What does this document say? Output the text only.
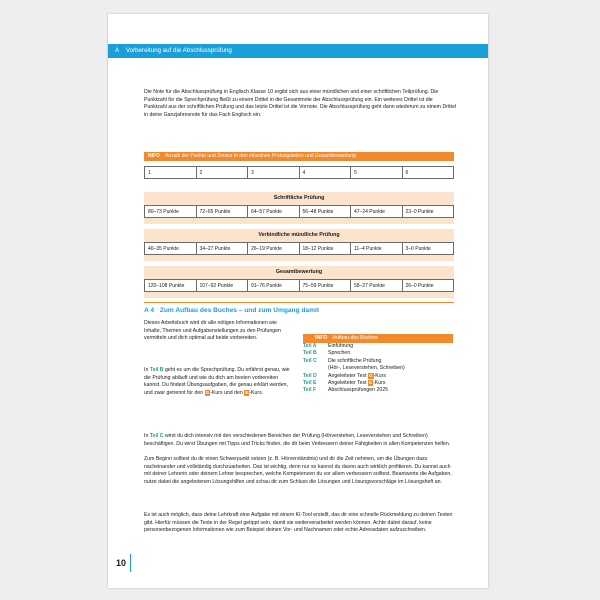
A Vorbereitung auf die Abschlussprüfung
Die Note für die Abschlussprüfung in Englisch Klasse 10 ergibt sich aus einer mündlichen und einer schriftlichen Teilprüfung. Die Punktzahl für die Sprechprüfung fließt zu einem Drittel in die Gesamtnote der Abschlussprüfung ein. Ein weiteres Drittel ist die Punktzahl aus der schriftlichen Prüfung und das letzte Drittel ist die Vornote. Die Abschlussprüfung geht dann wiederum zu einem Drittel in deine Ganzjahresnote für das Fach Englisch ein.
INFO Anzahl der Punkte und Zensur in den einzelnen Prüfungsteilen und Gesamtbewertung
1	2	3	4	5	6
Schriftliche Prüfung
80–73 Punkte	72–65 Punkte	64–57 Punkte	56–48 Punkte	47–24 Punkte	23–0 Punkte
Verbindliche mündliche Prüfung
40–35 Punkte	34–27 Punkte	26–19 Punkte	18–12 Punkte	11–4 Punkte	3–0 Punkte
Gesamtbewertung
120–108 Punkte	107–92 Punkte	91–76 Punkte	75–59 Punkte	58–27 Punkte	26–0 Punkte
A 4 Zum Aufbau des Buches – und zum Umgang damit
Dieses Arbeitsbuch wird dir alle nötigen Informationen wie Inhalte, Themen und Aufgabenstellungen zu den Prüfungen vermitteln und dich optimal auf beide vorbereiten.
In Teil B geht es um die Sprechprüfung. Du erfährst genau, wie die Prüfung abläuft und wie du dich am besten vorbereiten kannst. Du findest Übungsaufgaben, die genau erklärt werden, und zwar getrennt für den G-Kurs und den E-Kurs.
INFO Aufbau des Buches
Teil A	Einführung
Teil B	Sprechen
Teil C	Die schriftliche Prüfung
(Hör-, Leseverstehen, Schreiben)
Teil D	Angeleiteter Test G-Kurs
Teil E	Angeleiteter Test E-Kurs
Teil F	Abschlussprüfungen 2025
In Teil C wirst du dich intensiv mit den verschiedenen Bereichen der Prüfung (Hörverstehen, Leseverstehen und Schreiben) beschäftigen. Du wirst Übungen mit Tipps und Tricks finden, die dir beim Verbessern deiner Fähigkeiten in allen Kompetenzen helfen.
Zum Beginn solltest du dir einen Schwerpunkt setzen (z. B. Hörverständnis) und dir die Zeit nehmen, um die Übungen dazu nacheinander und vollständig durchzuarbeiten. Das ist wichtig, denn nur so kannst du davon auch wirklich profitieren. Du kannst auch mit deiner Lehrerin oder deinem Lehrer besprechen, welche Kompetenzen du vor allem verbessern solltest. Beantworte die Aufgaben, nutze dabei die angebotenen Lösungshilfen und schau dir zum Schluss die Lösungen und Lösungsvorschläge im Lösungsheft an.
Es ist auch möglich, dass deine Lehrkraft eine Aufgabe mit einem KI-Tool erstellt, das dir eine schnelle Rückmeldung zu deinen Texten gibt. Hierfür müssen die Texte in der Regel getippt sein, damit sie weiterverarbeitet werden können. Achte dabei darauf, keine personenbezogenen Informationen wie zum Beispiel deinen Vor- und Nachnamen oder echte Adressdaten aufzuschreiben.
10
